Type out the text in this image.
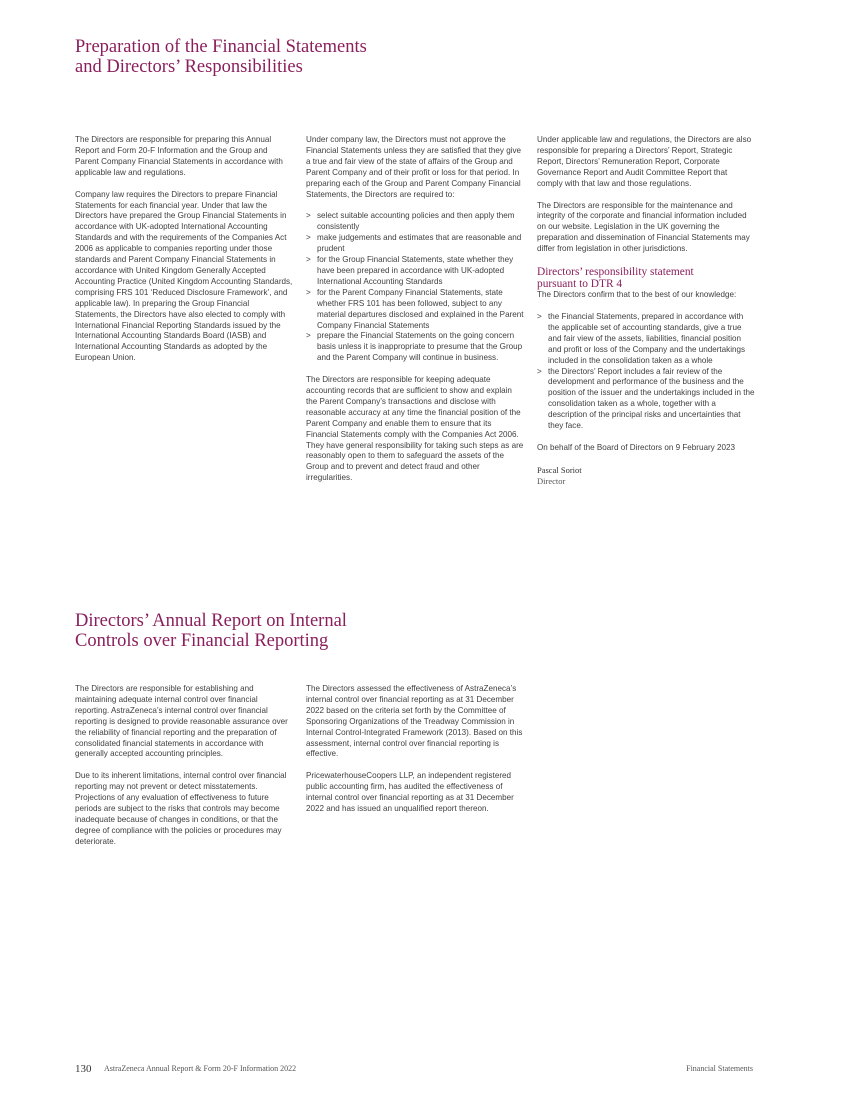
Preparation of the Financial Statements
and Directors’ Responsibilities

The Directors are responsible for preparing this Annual Report and Form 20-F Information and the Group and Parent Company Financial Statements in accordance with applicable law and regulations.

Company law requires the Directors to prepare Financial Statements for each financial year. Under that law the Directors have prepared the Group Financial Statements in accordance with UK-adopted International Accounting Standards and with the requirements of the Companies Act 2006 as applicable to companies reporting under those standards and Parent Company Financial Statements in accordance with United Kingdom Generally Accepted Accounting Practice (United Kingdom Accounting Standards, comprising FRS 101 ‘Reduced Disclosure Framework’, and applicable law). In preparing the Group Financial Statements, the Directors have also elected to comply with International Financial Reporting Standards issued by the International Accounting Standards Board (IASB) and International Accounting Standards as adopted by the European Union.

Under company law, the Directors must not approve the Financial Statements unless they are satisfied that they give a true and fair view of the state of affairs of the Group and Parent Company and of their profit or loss for that period. In preparing each of the Group and Parent Company Financial Statements, the Directors are required to:

> select suitable accounting policies and then apply them consistently
> make judgements and estimates that are reasonable and prudent
> for the Group Financial Statements, state whether they have been prepared in accordance with UK-adopted International Accounting Standards
> for the Parent Company Financial Statements, state whether FRS 101 has been followed, subject to any material departures disclosed and explained in the Parent Company Financial Statements
> prepare the Financial Statements on the going concern basis unless it is inappropriate to presume that the Group and the Parent Company will continue in business.

The Directors are responsible for keeping adequate accounting records that are sufficient to show and explain the Parent Company’s transactions and disclose with reasonable accuracy at any time the financial position of the Parent Company and enable them to ensure that its Financial Statements comply with the Companies Act 2006. They have general responsibility for taking such steps as are reasonably open to them to safeguard the assets of the Group and to prevent and detect fraud and other irregularities.

Under applicable law and regulations, the Directors are also responsible for preparing a Directors’ Report, Strategic Report, Directors’ Remuneration Report, Corporate Governance Report and Audit Committee Report that comply with that law and those regulations.

The Directors are responsible for the maintenance and integrity of the corporate and financial information included on our website. Legislation in the UK governing the preparation and dissemination of Financial Statements may differ from legislation in other jurisdictions.

Directors’ responsibility statement
pursuant to DTR 4

The Directors confirm that to the best of our knowledge:

> the Financial Statements, prepared in accordance with the applicable set of accounting standards, give a true and fair view of the assets, liabilities, financial position and profit or loss of the Company and the undertakings included in the consolidation taken as a whole
> the Directors’ Report includes a fair review of the development and performance of the business and the position of the issuer and the undertakings included in the consolidation taken as a whole, together with a description of the principal risks and uncertainties that they face.

On behalf of the Board of Directors on 9 February 2023

Pascal Soriot
Director
Directors’ Annual Report on Internal
Controls over Financial Reporting

The Directors are responsible for establishing and maintaining adequate internal control over financial reporting. AstraZeneca’s internal control over financial reporting is designed to provide reasonable assurance over the reliability of financial reporting and the preparation of consolidated financial statements in accordance with generally accepted accounting principles.

Due to its inherent limitations, internal control over financial reporting may not prevent or detect misstatements. Projections of any evaluation of effectiveness to future periods are subject to the risks that controls may become inadequate because of changes in conditions, or that the degree of compliance with the policies or procedures may deteriorate.

The Directors assessed the effectiveness of AstraZeneca’s internal control over financial reporting as at 31 December 2022 based on the criteria set forth by the Committee of Sponsoring Organizations of the Treadway Commission in Internal Control-Integrated Framework (2013). Based on this assessment, internal control over financial reporting is effective.

PricewaterhouseCoopers LLP, an independent registered public accounting firm, has audited the effectiveness of internal control over financial reporting as at 31 December 2022 and has issued an unqualified report thereon.

130 AstraZeneca Annual Report & Form 20-F Information 2022	Financial Statements
